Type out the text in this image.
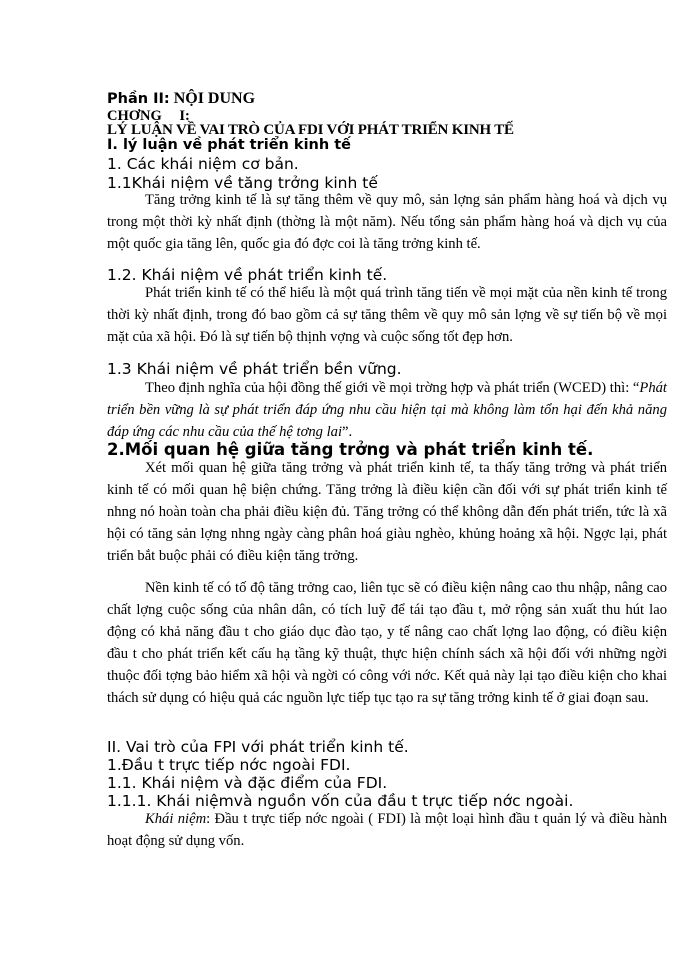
Phần II: NỘI DUNG
CHƠNG I:
LÝ LUẬN VỀ VAI TRÒ CỦA FDI VỚI PHÁT TRIỂN KINH TẾ
I. lý luận về phát triển kinh tế
1. Các khái niệm cơ bản.
1.1Khái niệm về tăng trởng kinh tế

Tăng trởng kinh tế là sự tăng thêm về quy mô, sản lợng sản phẩm hàng hoá và dịch vụ trong một thời kỳ nhất định (thờng là một năm). Nếu tổng sản phẩm hàng hoá và dịch vụ của một quốc gia tăng lên, quốc gia đó đợc coi là tăng trởng kinh tế.

1.2. Khái niệm về phát triển kinh tế.

Phát triển kinh tế có thể hiểu là một quá trình tăng tiến về mọi mặt của nền kinh tế trong thời kỳ nhất định, trong đó bao gồm cả sự tăng thêm về quy mô sản lợng về sự tiến bộ về mọi mặt của xã hội. Đó là sự tiến bộ thịnh vợng và cuộc sống tốt đẹp hơn.

1.3 Khái niệm về phát triển bền vững.

Theo định nghĩa của hội đồng thế giới về mọi trờng hợp và phát triển (WCED) thì: “Phát triển bền vững là sự phát triển đáp ứng nhu cầu hiện tại mà không làm tổn hại đến khả năng đáp ứng các nhu cầu của thế hệ tơng lai”.

2.Mối quan hệ giữa tăng trởng và phát triển kinh tế.

Xét mối quan hệ giữa tăng trởng và phát triển kinh tế, ta thấy tăng trởng và phát triển kinh tế có mối quan hệ biện chứng. Tăng trởng là điều kiện cần đối với sự phát triển kinh tế nhng nó hoàn toàn cha phải điều kiện đủ. Tăng trởng có thể không dẫn đến phát triển, tức là xã hội có tăng sản lợng nhng ngày càng phân hoá giàu nghèo, khủng hoảng xã hội. Ngợc lại, phát triển bắt buộc phải có điều kiện tăng trởng.

Nền kinh tế có tố độ tăng trởng cao, liên tục sẽ có điều kiện nâng cao thu nhập, nâng cao chất lợng cuộc sống của nhân dân, có tích luỹ để tái tạo đầu t, mở rộng sản xuất thu hút lao động có khả năng đầu t cho giáo dục đào tạo, y tế nâng cao chất lợng lao động, có điều kiện đầu t cho phát triển kết cấu hạ tầng kỹ thuật, thực hiện chính sách xã hội đối với những ngời thuộc đối tợng bảo hiểm xã hội và ngời có công với nớc. Kết quả này lại tạo điều kiện cho khai thách sử dụng có hiệu quả các nguồn lực tiếp tục tạo ra sự tăng trởng kinh tế ở giai đoạn sau.

II. Vai trò của FPI với phát triển kinh tế.
1.Đầu t trực tiếp nớc ngoài FDI.
1.1. Khái niệm và đặc điểm của FDI.
1.1.1. Khái niệmvà nguồn vốn của đầu t trực tiếp nớc ngoài.

Khái niệm: Đầu t trực tiếp nớc ngoài ( FDI) là một loại hình đầu t quản lý và điều hành hoạt động sử dụng vốn.
